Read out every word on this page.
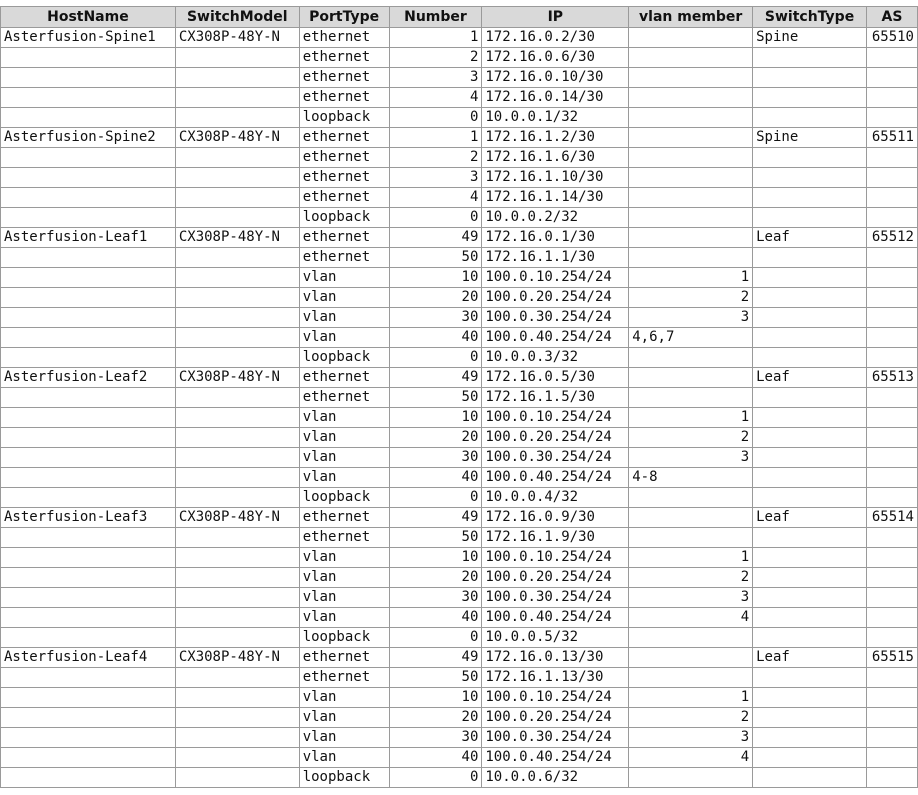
HostName	SwitchModel	PortType	Number	IP	vlan member	SwitchType	AS
Asterfusion-Spine1	CX308P-48Y-N	ethernet	1	172.16.0.2/30		Spine	65510
		ethernet	2	172.16.0.6/30			
		ethernet	3	172.16.0.10/30			
		ethernet	4	172.16.0.14/30			
		loopback	0	10.0.0.1/32			
Asterfusion-Spine2	CX308P-48Y-N	ethernet	1	172.16.1.2/30		Spine	65511
		ethernet	2	172.16.1.6/30			
		ethernet	3	172.16.1.10/30			
		ethernet	4	172.16.1.14/30			
		loopback	0	10.0.0.2/32			
Asterfusion-Leaf1	CX308P-48Y-N	ethernet	49	172.16.0.1/30		Leaf	65512
		ethernet	50	172.16.1.1/30			
		vlan	10	100.0.10.254/24	1		
		vlan	20	100.0.20.254/24	2		
		vlan	30	100.0.30.254/24	3		
		vlan	40	100.0.40.254/24	4,6,7		
		loopback	0	10.0.0.3/32			
Asterfusion-Leaf2	CX308P-48Y-N	ethernet	49	172.16.0.5/30		Leaf	65513
		ethernet	50	172.16.1.5/30			
		vlan	10	100.0.10.254/24	1		
		vlan	20	100.0.20.254/24	2		
		vlan	30	100.0.30.254/24	3		
		vlan	40	100.0.40.254/24	4-8		
		loopback	0	10.0.0.4/32			
Asterfusion-Leaf3	CX308P-48Y-N	ethernet	49	172.16.0.9/30		Leaf	65514
		ethernet	50	172.16.1.9/30			
		vlan	10	100.0.10.254/24	1		
		vlan	20	100.0.20.254/24	2		
		vlan	30	100.0.30.254/24	3		
		vlan	40	100.0.40.254/24	4		
		loopback	0	10.0.0.5/32			
Asterfusion-Leaf4	CX308P-48Y-N	ethernet	49	172.16.0.13/30		Leaf	65515
		ethernet	50	172.16.1.13/30			
		vlan	10	100.0.10.254/24	1		
		vlan	20	100.0.20.254/24	2		
		vlan	30	100.0.30.254/24	3		
		vlan	40	100.0.40.254/24	4		
		loopback	0	10.0.0.6/32			
